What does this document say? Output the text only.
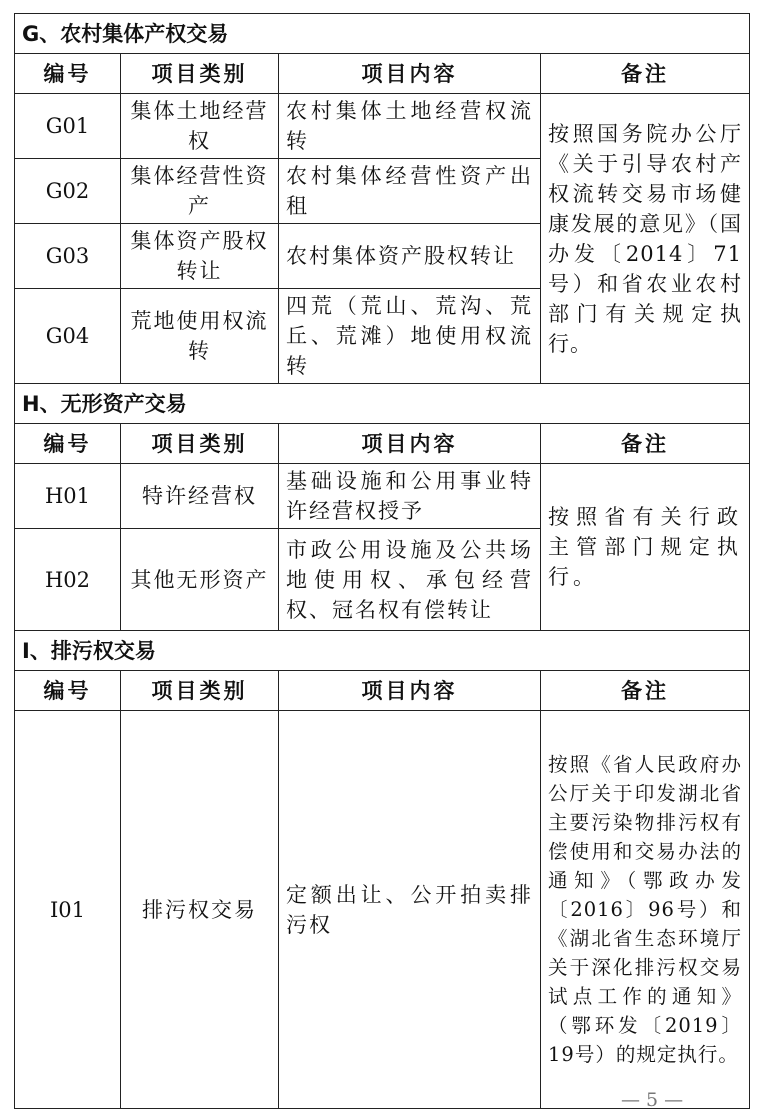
G、农村集体产权交易			
编号	项目类别	项目内容	备注
G01	集体土地经营权	农村集体土地经营权流转	按照国务院办公厅《关于引导农村产权流转交易市场健康发展的意见》（国办发〔2014〕71号）和省农业农村部门有关规定执行。
G02	集体经营性资产	农村集体经营性资产出租	
G03	集体资产股权转让	农村集体资产股权转让	
G04	荒地使用权流转	四荒（荒山、荒沟、荒丘、荒滩）地使用权流转	
H、无形资产交易			
编号	项目类别	项目内容	备注
H01	特许经营权	基础设施和公用事业特许经营权授予	按照省有关行政主管部门规定执行。
H02	其他无形资产	市政公用设施及公共场地使用权、承包经营权、冠名权有偿转让	
I、排污权交易			
编号	项目类别	项目内容	备注
I01	排污权交易	定额出让、公开拍卖排污权	按照《省人民政府办公厅关于印发湖北省主要污染物排污权有偿使用和交易办法的通知》（鄂政办发〔2016〕96号）和《湖北省生态环境厅关于深化排污权交易试点工作的通知》（鄂环发〔2019〕19号）的规定执行。
— 5 —
